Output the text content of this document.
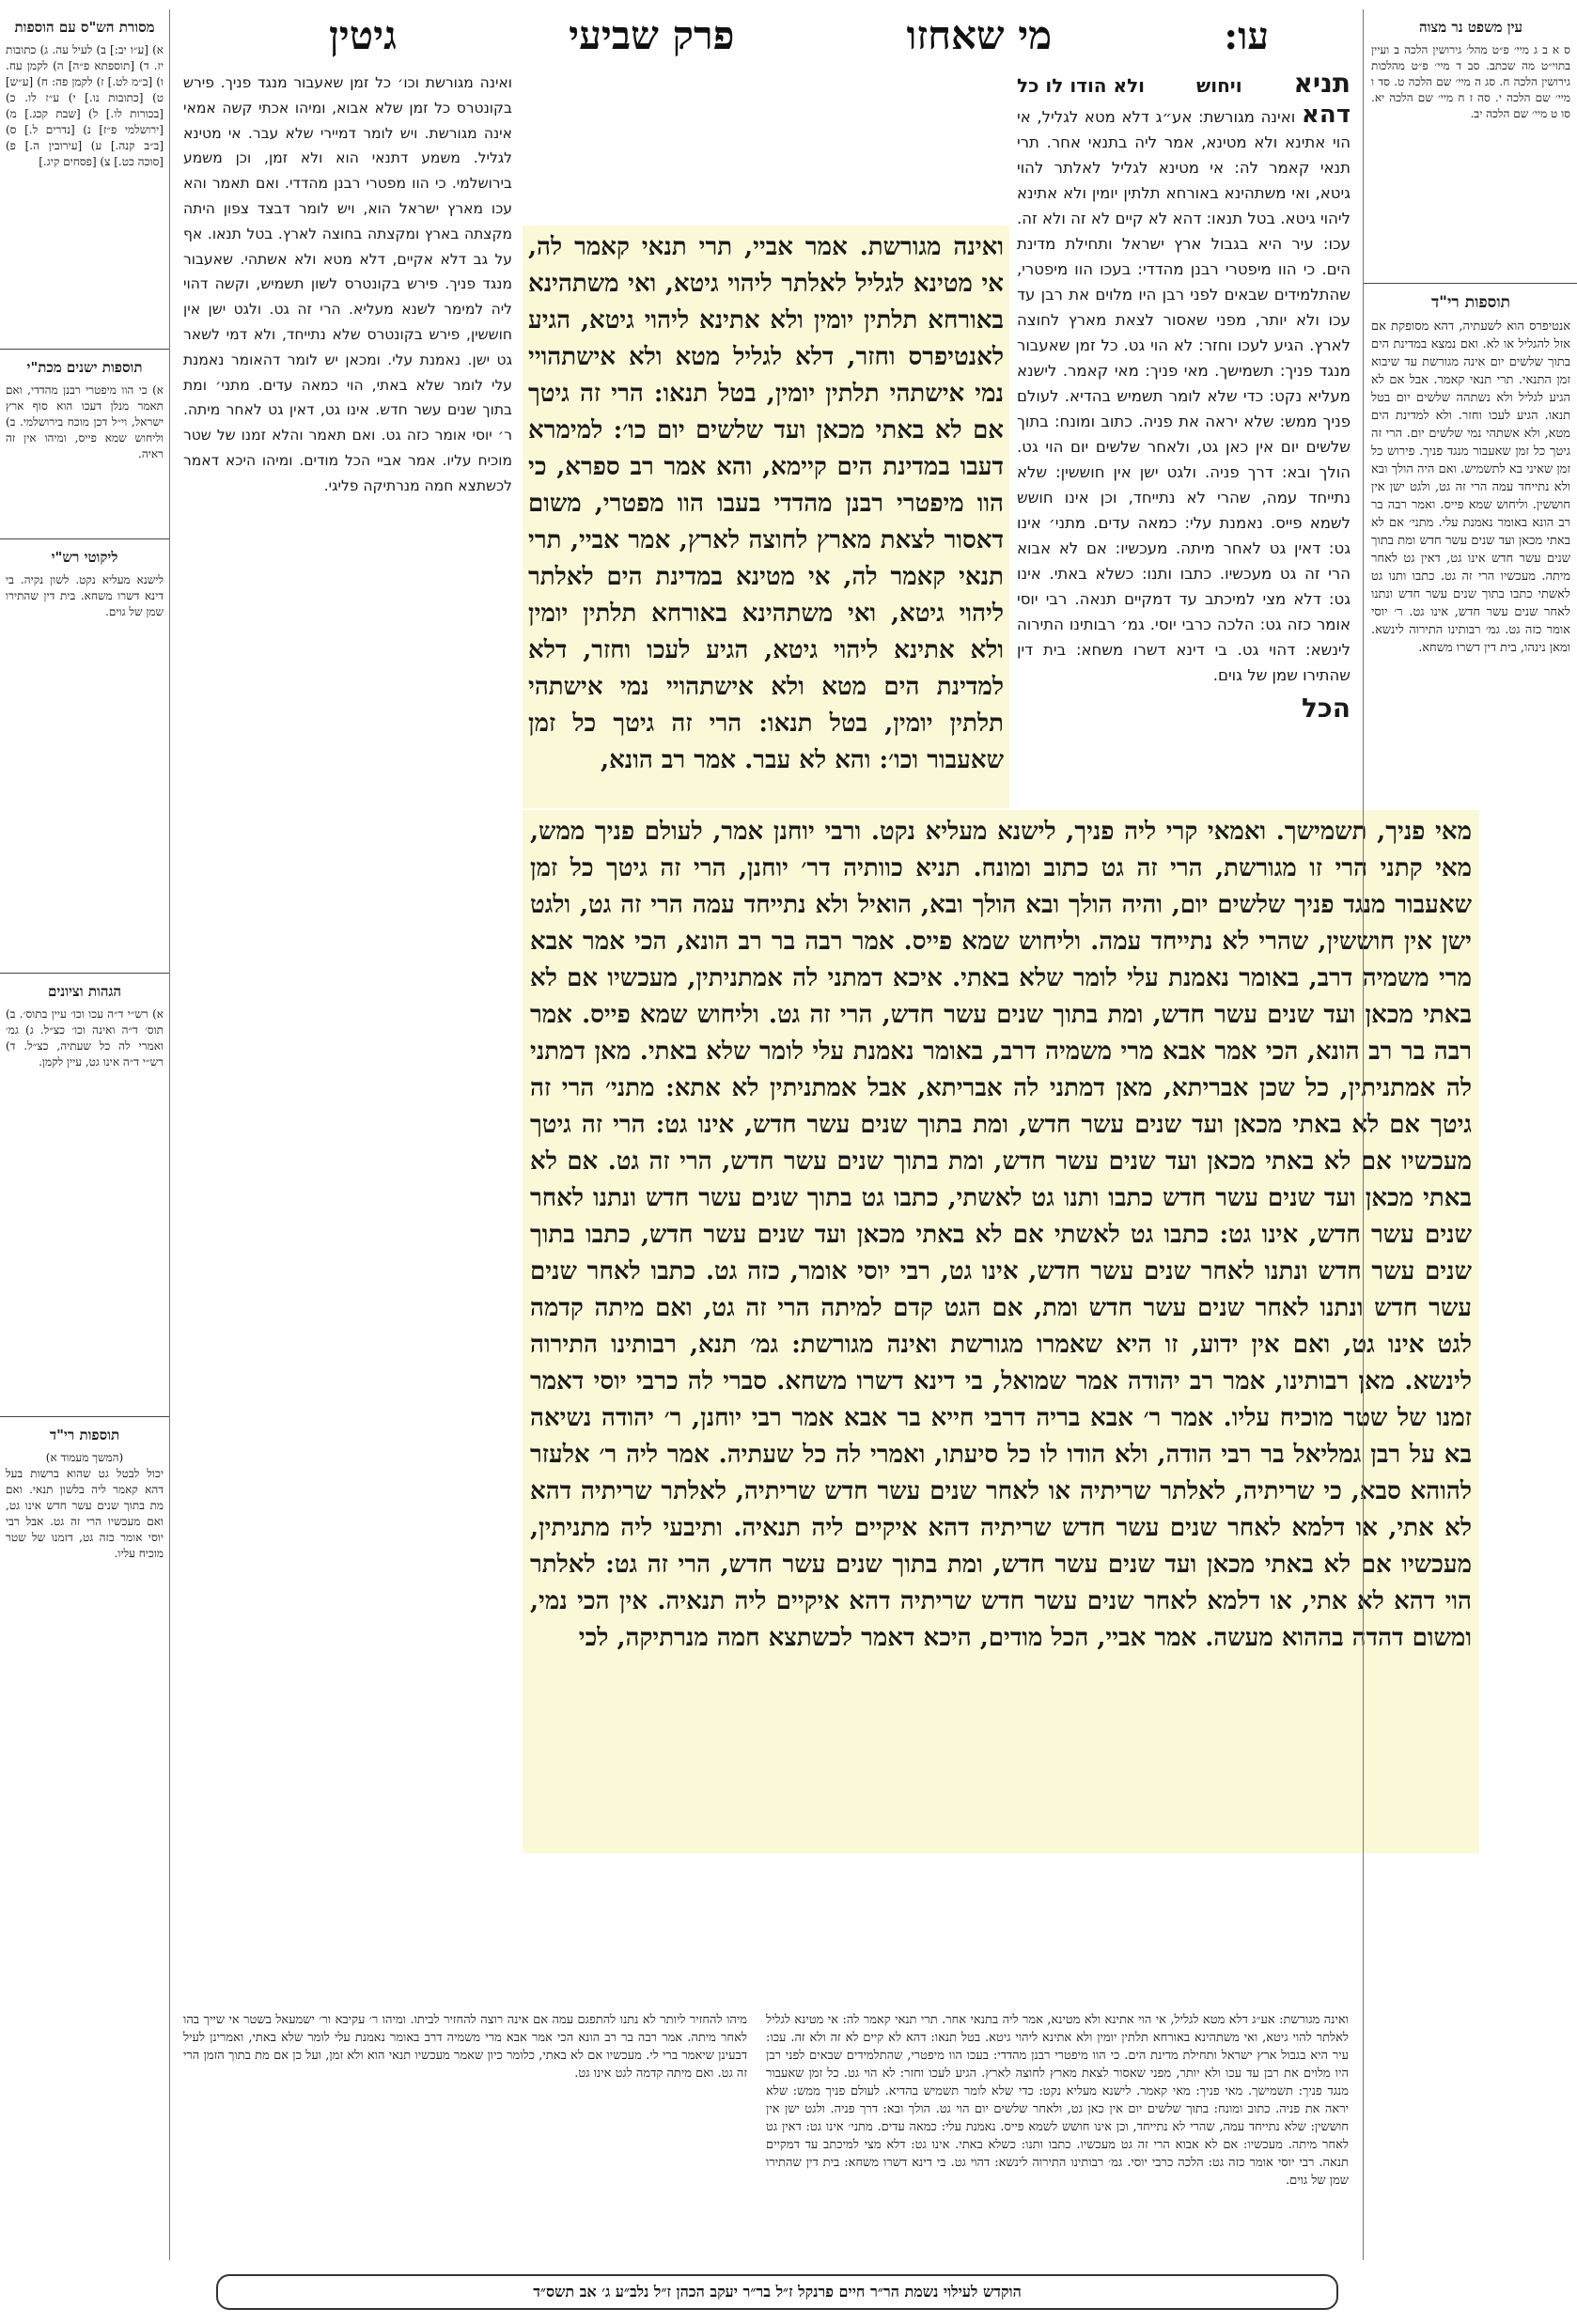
עו:
מי שאחזו
פרק שביעי
גיטין
מסורת הש"ס עם הוספות
א) [ע״ו יב:] ב) לעיל עה. ג) כתובות יז. ד) [תוספתא פ״ה] ה) לקמן עח. ו) [ב״מ לט.] ז) לקמן פה: ח) [ע״ש] ט) [כתובות נו.] י) ע״ז לו. כ) [בכורות לו.] ל) [שבת קכג.] מ) [ירושלמי פ״ז] נ) [נדרים ל.] ס) [ב״ב קנה.] ע) [עירובין ה.] פ) [סוכה כט.] צ) [פסחים קיג.]
תוספות ישנים מכת"י
א) כי הוו מיפטרי רבנן מהדדי, ואם תאמר מנלן דעכו הוא סוף ארץ ישראל, וי״ל דכן מוכח בירושלמי. ב) וליחוש שמא פייס, ומיהו אין זה ראיה.
ליקוטי רש"י
לישנא מעליא נקט. לשון נקיה. בי דינא דשרו משחא. בית דין שהתירו שמן של גוים.
הגהות וציונים
א) רש״י ד״ה עכו וכו׳ עיין בתוס׳. ב) תוס׳ ד״ה ואינה וכו׳ כצ״ל. ג) גמ׳ ואמרי לה כל שעתיה, כצ״ל. ד) רש״י ד״ה אינו גט, עיין לקמן.
תוספות רי"ד
(המשך מעמוד א)
יכול לבטל גט שהוא ברשות בעל דהא קאמר ליה בלשון תנאי. ואם מת בתוך שנים עשר חדש אינו גט, ואם מעכשיו הרי זה גט. אבל רבי יוסי אומר כזה גט, דזמנו של שטר מוכיח עליו.
ואינה מגורשת וכו׳ כל זמן שאעבור מנגד פניך. פירש בקונטרס כל זמן שלא אבוא, ומיהו אכתי קשה אמאי אינה מגורשת. ויש לומר דמיירי שלא עבר. אי מטינא לגליל. משמע דתנאי הוא ולא זמן, וכן משמע בירושלמי. כי הוו מפטרי רבנן מהדדי. ואם תאמר והא עכו מארץ ישראל הוא, ויש לומר דבצד צפון היתה מקצתה בארץ ומקצתה בחוצה לארץ. בטל תנאו. אף על גב דלא אקיים, דלא מטא ולא אשתהי. שאעבור מנגד פניך. פירש בקונטרס לשון תשמיש, וקשה דהוי ליה למימר לשנא מעליא. הרי זה גט. ולגט ישן אין חוששין, פירש בקונטרס שלא נתייחד, ולא דמי לשאר גט ישן. נאמנת עלי. ומכאן יש לומר דהאומר נאמנת עלי לומר שלא באתי, הוי כמאה עדים. מתני׳ ומת בתוך שנים עשר חדש. אינו גט, דאין גט לאחר מיתה. ר׳ יוסי אומר כזה גט. ואם תאמר והלא זמנו של שטר מוכיח עליו. אמר אביי הכל מודים. ומיהו היכא דאמר לכשתצא חמה מנרתיקה פליגי.
ואינה מגורשת. אמר אביי, תרי תנאי קאמר לה, אי מטינא לגליל לאלתר ליהוי גיטא, ואי משתהינא באורחא תלתין יומין ולא אתינא ליהוי גיטא, הגיע לאנטיפרס וחזר, דלא לגליל מטא ולא אישתהויי נמי אישתהי תלתין יומין, בטל תנאו: הרי זה גיטך אם לא באתי מכאן ועד שלשים יום כו׳: למימרא דעבו במדינת הים קיימא, והא אמר רב ספרא, כי הוו מיפטרי רבנן מהדדי בעבו הוו מפטרי, משום דאסור לצאת מארץ לחוצה לארץ, אמר אביי, תרי תנאי קאמר לה, אי מטינא במדינת הים לאלתר ליהוי גיטא, ואי משתהינא באורחא תלתין יומין ולא אתינא ליהוי גיטא, הגיע לעכו וחזר, דלא למדינת הים מטא ולא אישתהויי נמי אישתהי תלתין יומין, בטל תנאו: הרי זה גיטך כל זמן שאעבור וכו׳: והא לא עבר. אמר רב הונא,
מאי פניך, תשמישך. ואמאי קרי ליה פניך, לישנא מעליא נקט. ורבי יוחנן אמר, לעולם פניך ממש, מאי קתני הרי זו מגורשת, הרי זה גט כתוב ומונח. תניא כוותיה דר׳ יוחנן, הרי זה גיטך כל זמן שאעבור מנגד פניך שלשים יום, והיה הולך ובא הולך ובא, הואיל ולא נתייחד עמה הרי זה גט, ולגט ישן אין חוששין, שהרי לא נתייחד עמה. וליחוש שמא פייס. אמר רבה בר רב הונא, הכי אמר אבא מרי משמיה דרב, באומר נאמנת עלי לומר שלא באתי. איכא דמתני לה אמתניתין, מעכשיו אם לא באתי מכאן ועד שנים עשר חדש, ומת בתוך שנים עשר חדש, הרי זה גט. וליחוש שמא פייס. אמר רבה בר רב הונא, הכי אמר אבא מרי משמיה דרב, באומר נאמנת עלי לומר שלא באתי. מאן דמתני לה אמתניתין, כל שכן אבריתא, מאן דמתני לה אבריתא, אבל אמתניתין לא אתא: מתני׳ הרי זה גיטך אם לא באתי מכאן ועד שנים עשר חדש, ומת בתוך שנים עשר חדש, אינו גט: הרי זה גיטך מעכשיו אם לא באתי מכאן ועד שנים עשר חדש, ומת בתוך שנים עשר חדש, הרי זה גט. אם לא באתי מכאן ועד שנים עשר חדש כתבו ותנו גט לאשתי, כתבו גט בתוך שנים עשר חדש ונתנו לאחר שנים עשר חדש, אינו גט: כתבו גט לאשתי אם לא באתי מכאן ועד שנים עשר חדש, כתבו בתוך שנים עשר חדש ונתנו לאחר שנים עשר חדש, אינו גט, רבי יוסי אומר, כזה גט. כתבו לאחר שנים עשר חדש ונתנו לאחר שנים עשר חדש ומת, אם הגט קדם למיתה הרי זה גט, ואם מיתה קדמה לגט אינו גט, ואם אין ידוע, זו היא שאמרו מגורשת ואינה מגורשת: גמ׳ תנא, רבותינו התירוה לינשא. מאן רבותינו, אמר רב יהודה אמר שמואל, בי דינא דשרו משחא. סברי לה כרבי יוסי דאמר זמנו של שטר מוכיח עליו. אמר ר׳ אבא בריה דרבי חייא בר אבא אמר רבי יוחנן, ר׳ יהודה נשיאה בא על רבן גמליאל בר רבי הודה, ולא הודו לו כל סיעתו, ואמרי לה כל שעתיה. אמר ליה ר׳ אלעזר להוהא סבא, כי שריתיה, לאלתר שריתיה או לאחר שנים עשר חדש שריתיה, לאלתר שריתיה דהא לא אתי, או דלמא לאחר שנים עשר חדש שריתיה דהא איקיים ליה תנאיה. ותיבעי ליה מתניתין, מעכשיו אם לא באתי מכאן ועד שנים עשר חדש, ומת בתוך שנים עשר חדש, הרי זה גט: לאלתר הוי דהא לא אתי, או דלמא לאחר שנים עשר חדש שריתיה דהא איקיים ליה תנאיה. אין הכי נמי, ומשום דהדה בההוא מעשה. אמר אביי, הכל מודים, היכא דאמר לכשתצא חמה מנרתיקה, לכי
תניא
ויחוש
ולא הודו לו כל
דהא ואינה מגורשת: אע״ג דלא מטא לגליל, אי הוי אתינא ולא מטינא, אמר ליה בתנאי אחר. תרי תנאי קאמר לה: אי מטינא לגליל לאלתר להוי גיטא, ואי משתהינא באורחא תלתין יומין ולא אתינא ליהוי גיטא. בטל תנאו: דהא לא קיים לא זה ולא זה. עכו: עיר היא בגבול ארץ ישראל ותחילת מדינת הים. כי הוו מיפטרי רבנן מהדדי: בעכו הוו מיפטרי, שהתלמידים שבאים לפני רבן היו מלוים את רבן עד עכו ולא יותר, מפני שאסור לצאת מארץ לחוצה לארץ. הגיע לעכו וחזר: לא הוי גט. כל זמן שאעבור מנגד פניך: תשמישך. מאי פניך: מאי קאמר. לישנא מעליא נקט: כדי שלא לומר תשמיש בהדיא. לעולם פניך ממש: שלא יראה את פניה. כתוב ומונח: בתוך שלשים יום אין כאן גט, ולאחר שלשים יום הוי גט. הולך ובא: דרך פניה. ולגט ישן אין חוששין: שלא נתייחד עמה, שהרי לא נתייחד, וכן אינו חושש לשמא פייס. נאמנת עלי: כמאה עדים. מתני׳ אינו גט: דאין גט לאחר מיתה. מעכשיו: אם לא אבוא הרי זה גט מעכשיו. כתבו ותנו: כשלא באתי. אינו גט: דלא מצי למיכתב עד דמקיים תנאה. רבי יוסי אומר כזה גט: הלכה כרבי יוסי. גמ׳ רבותינו התירוה לינשא: דהוי גט. בי דינא דשרו משחא: בית דין שהתירו שמן של גוים.
הכל
עין משפט נר מצוה
ס א ב ג מיי׳ פ״ט מהל׳ גירושין הלכה ב ועיין בתוי״ט מה שכתב. סב ד מיי׳ פ״ט מהלכות גירושין הלכה ח. סג ה מיי׳ שם הלכה ט. סד ו מיי׳ שם הלכה י. סה ז ח מיי׳ שם הלכה יא. סו ט מיי׳ שם הלכה יב.
תוספות רי"ד
אנטיפרס הוא לשעתיה, דהא מסופקת אם אזל להגליל או לא. ואם נמצא במדינת הים בתוך שלשים יום אינה מגורשת עד שיבוא זמן התנאי. תרי תנאי קאמר. אבל אם לא הגיע לגליל ולא נשתהה שלשים יום בטל תנאו. הגיע לעכו וחזר. ולא למדינת הים מטא, ולא אשתהי נמי שלשים יום. הרי זה גיטך כל זמן שאעבור מנגד פניך. פירוש כל זמן שאיני בא לתשמיש. ואם היה הולך ובא ולא נתייחד עמה הרי זה גט, ולגט ישן אין חוששין. וליחוש שמא פייס. ואמר רבה בר רב הונא באומר נאמנת עלי. מתני׳ אם לא באתי מכאן ועד שנים עשר חדש ומת בתוך שנים עשר חדש אינו גט, דאין גט לאחר מיתה. מעכשיו הרי זה גט. כתבו ותנו גט לאשתי כתבו בתוך שנים עשר חדש ונתנו לאחר שנים עשר חדש, אינו גט. ר׳ יוסי אומר כזה גט. גמ׳ רבותינו התירוה לינשא. ומאן נינהו, בית דין דשרו משחא.
מיהו להחזיר ליותר לא נתנו להתפגם עמה אם אינה רוצה להחזיר לביתו. ומיהו ר׳ עקיבא ור׳ ישמעאל בשטר אי שייך בהו לאחר מיתה. אמר רבה בר רב הונא הכי אמר אבא מרי משמיה דרב באומר נאמנת עלי לומר שלא באתי, ואמרינן לעיל דבעינן שיאמר ברי לי. מעכשיו אם לא באתי, כלומר כיון שאמר מעכשיו תנאי הוא ולא זמן, ועל כן אם מת בתוך הזמן הרי זה גט. ואם מיתה קדמה לגט אינו גט.
ואינה מגורשת: אע״ג דלא מטא לגליל, אי הוי אתינא ולא מטינא, אמר ליה בתנאי אחר. תרי תנאי קאמר לה: אי מטינא לגליל לאלתר להוי גיטא, ואי משתהינא באורחא תלתין יומין ולא אתינא ליהוי גיטא. בטל תנאו: דהא לא קיים לא זה ולא זה. עכו: עיר היא בגבול ארץ ישראל ותחילת מדינת הים. כי הוו מיפטרי רבנן מהדדי: בעכו הוו מיפטרי, שהתלמידים שבאים לפני רבן היו מלוים את רבן עד עכו ולא יותר, מפני שאסור לצאת מארץ לחוצה לארץ. הגיע לעכו וחזר: לא הוי גט. כל זמן שאעבור מנגד פניך: תשמישך. מאי פניך: מאי קאמר. לישנא מעליא נקט: כדי שלא לומר תשמיש בהדיא. לעולם פניך ממש: שלא יראה את פניה. כתוב ומונח: בתוך שלשים יום אין כאן גט, ולאחר שלשים יום הוי גט. הולך ובא: דרך פניה. ולגט ישן אין חוששין: שלא נתייחד עמה, שהרי לא נתייחד, וכן אינו חושש לשמא פייס. נאמנת עלי: כמאה עדים. מתני׳ אינו גט: דאין גט לאחר מיתה. מעכשיו: אם לא אבוא הרי זה גט מעכשיו. כתבו ותנו: כשלא באתי. אינו גט: דלא מצי למיכתב עד דמקיים תנאה. רבי יוסי אומר כזה גט: הלכה כרבי יוסי. גמ׳ רבותינו התירוה לינשא: דהוי גט. בי דינא דשרו משחא: בית דין שהתירו שמן של גוים.
הוקדש לעילוי נשמת הר״ר חיים פרנקל ז״ל בר״ר יעקב הכהן ז״ל נלב״ע ג׳ אב תשס״ד
